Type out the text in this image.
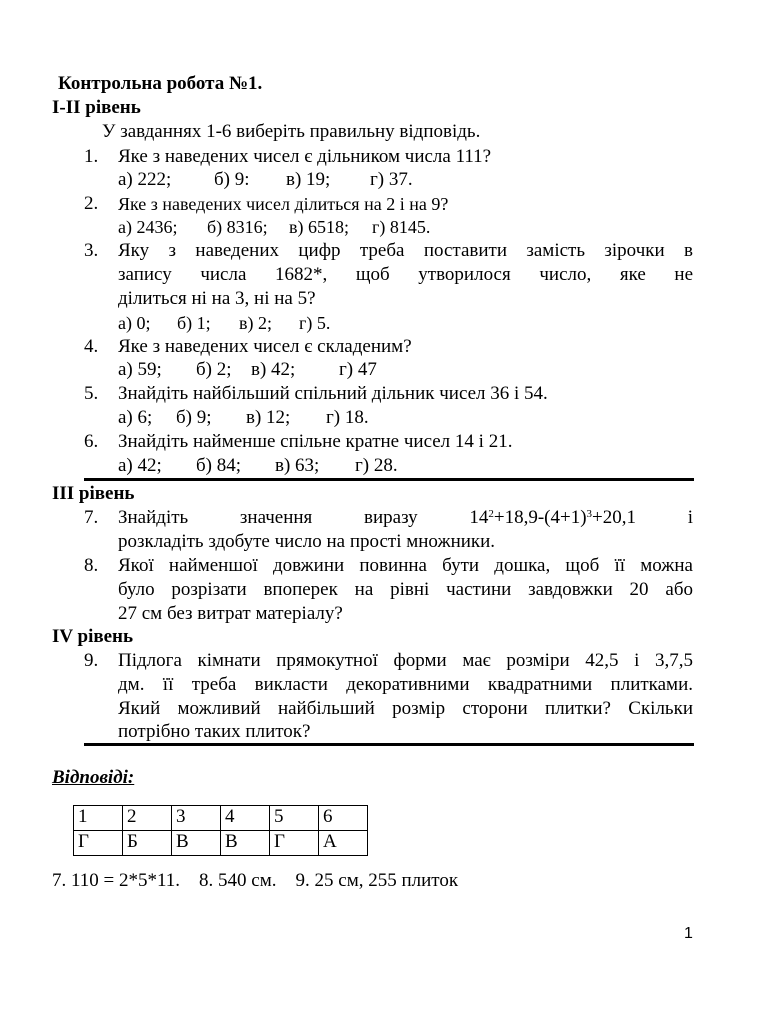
Контрольна робота №1.
І-ІІ рівень
У завданнях 1-6 виберіть правильну відповідь.
1. Яке з наведених чисел є дільником числа 111?
а) 222; б) 9: в) 19; г) 37.
2. Яке з наведених чисел ділиться на 2 і на 9?
а) 2436; б) 8316; в) 6518; г) 8145.
3. Яку з наведених цифр треба поставити замість зірочки в
запису числа 1682*, щоб утворилося число, яке не
ділиться ні на 3, ні на 5?
а) 0; б) 1; в) 2; г) 5.
4. Яке з наведених чисел є складеним?
а) 59; б) 2; в) 42; г) 47
5. Знайдіть найбільший спільний дільник чисел 36 і 54.
а) 6; б) 9; в) 12; г) 18.
6. Знайдіть найменше спільне кратне чисел 14 і 21.
а) 42; б) 84; в) 63; г) 28.
ІІІ рівень
7. Знайдіть	значення	виразу	$14^2+18,9-(4+1)^3+20,1$	і
розкладіть здобуте число на прості множники.
8. Якої найменшої довжини повинна бути дошка, щоб її можна
було розрізати впоперек на рівні частини завдовжки 20 або
27 см без витрат матеріалу?
IV рівень
9. Підлога кімнати прямокутної форми має розміри 42,5 і 3,7,5
дм. її треба викласти декоративними квадратними плитками.
Який можливий найбільший розмір сторони плитки? Скільки
потрібно таких плиток?
Відповіді:
1	2	3	4	5	6
Г	Б	В	В	Г	А
7. 110 = 2*5*11.    8. 540 см.    9. 25 см, 255 плиток
1
